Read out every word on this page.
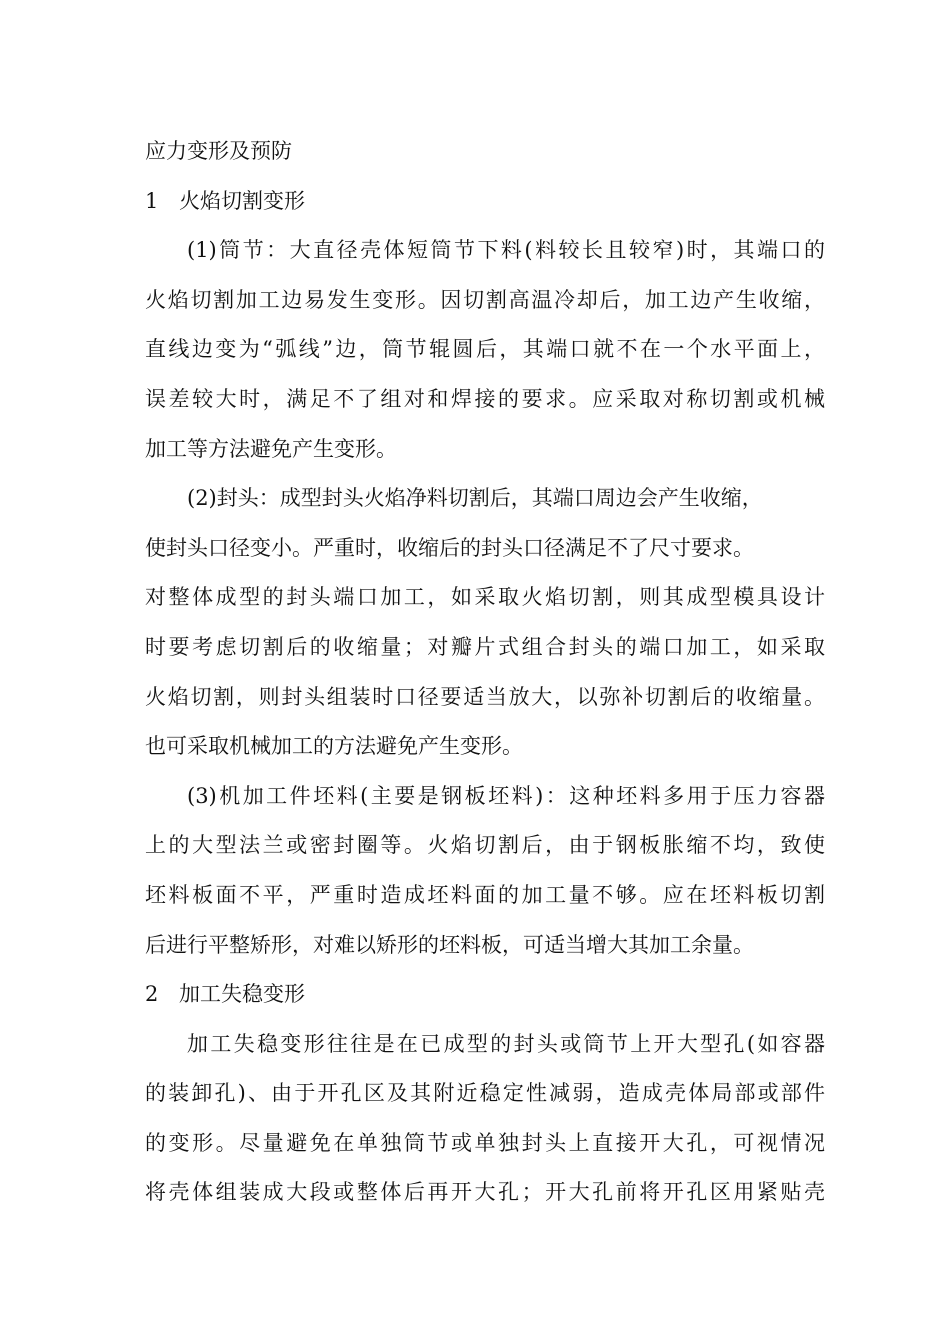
应力变形及预防
1 火焰切割变形
(1)筒节：大直径壳体短筒节下料(料较长且较窄)时，其端口的
火焰切割加工边易发生变形。因切割高温冷却后，加工边产生收缩，
直线边变为“弧线”边，筒节辊圆后，其端口就不在一个水平面上，
误差较大时，满足不了组对和焊接的要求。应采取对称切割或机械
加工等方法避免产生变形。
(2)封头：成型封头火焰净料切割后，其端口周边会产生收缩，
使封头口径变小。严重时，收缩后的封头口径满足不了尺寸要求。
对整体成型的封头端口加工，如采取火焰切割，则其成型模具设计
时要考虑切割后的收缩量；对瓣片式组合封头的端口加工，如采取
火焰切割，则封头组装时口径要适当放大，以弥补切割后的收缩量。
也可采取机械加工的方法避免产生变形。
(3)机加工件坯料(主要是钢板坯料)：这种坯料多用于压力容器
上的大型法兰或密封圈等。火焰切割后，由于钢板胀缩不均，致使
坯料板面不平，严重时造成坯料面的加工量不够。应在坯料板切割
后进行平整矫形，对难以矫形的坯料板，可适当增大其加工余量。
2 加工失稳变形
加工失稳变形往往是在已成型的封头或筒节上开大型孔(如容器
的装卸孔)、由于开孔区及其附近稳定性减弱，造成壳体局部或部件
的变形。尽量避免在单独筒节或单独封头上直接开大孔，可视情况
将壳体组装成大段或整体后再开大孔；开大孔前将开孔区用紧贴壳
